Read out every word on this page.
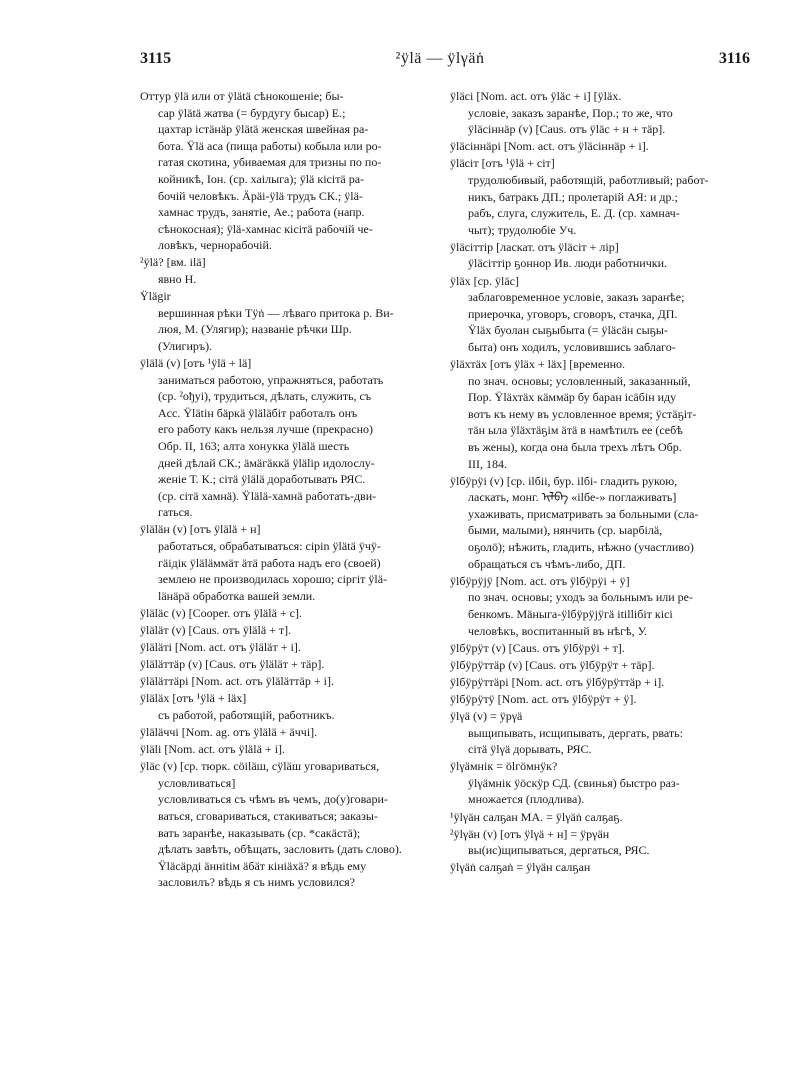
3115	²ÿlä — ÿlγäṅ	3116
Оттур ÿlä или от ÿlätä сѣнокошеніе; бы-
сар ÿlätä жатва (= бурдугу бысар) Е.;
цахтар істäнäр ÿlätä женская швейная ра-
бота. Ÿlä аса (пища работы) кобыла или ро-
гатая скотина, убиваемая для тризны по по-
койникѣ, Іон. (ср. хаілыга); ÿlä кісітä ра-
бочій человѣкъ. Äрäі-ÿlä трудъ СК.; ÿlä-
хамнас трудъ, занятіе, Ае.; работа (напр.
сѣнокосная); ÿlä-хамнас кісітä рабочій че-
ловѣкъ, чернорабочій.
²ÿlä? [вм. ilä]
явно Н.
Ÿlägir
вершинная рѣки Тÿṅ — лѣваго притока р. Ви-
люя, М. (Улягир); названіе рѣчки Шр.
(Улигиръ).
ÿlälä (v) [отъ ¹ÿlä + lä]
заниматься работою, упражняться, работать
(ср. ²ођуі), трудиться, дѣлать, служить, съ
Acc. Ÿlätін бäркä ÿläläбіт работалъ онъ
его работу какъ нельзя лучше (прекрасно)
Обр. II, 163; алта хонукка ÿlälä шесть
дней дѣлай СК.; äмäгäккä ÿläliр идолослу-
женіе Т. К.; сітä ÿlälä доработывать РЯС.
(ср. сітä хамнä). Ÿlälä-хамнä работать-дви-
гаться.
ÿläläн (v) [отъ ÿlälä + н]
работаться, обрабатываться: сіріn ÿlätä ÿчÿ-
гäідік ÿläläммäт äтä работа надъ его (своей)
землею не производилась хорошо; сіргіт ÿlä-
läнäрä обработка вашей земли.
ÿläläс (v) [Cooper. отъ ÿlälä + с].
ÿläläт (v) [Caus. отъ ÿlälä + т].
ÿläläті [Nom. act. отъ ÿläläт + і].
ÿläläттäр (v) [Caus. отъ ÿläläт + тäр].
ÿläläттäрі [Nom. act. отъ ÿläläттäр + і].
ÿläläх [отъ ¹ÿlä + läх]
съ работой, работящій, работникъ.
ÿläläччі [Nom. ag. отъ ÿlälä + äччі].
ÿläli [Nom. act. отъ ÿlälä + і].
ÿläс (v) [ср. тюрк. сöiläш, сÿläш уговариваться,
условливаться]
условливаться съ чѣмъ въ чемъ, до(у)говари-
ваться, сговариваться, стакиваться; заказы-
вать заранѣе, наказывать (ср. *сакäстä);
дѣлать завѣть, обѣщать, засловить (дать слово).
Ÿläсäрді äнніtім äбäт кініäхä? я вѣдь ему
засловилъ? вѣдь я съ нимъ условился?
ÿläсі [Nom. act. отъ ÿläс + і] [ÿläх.
условіе, заказъ заранѣе, Пор.; то же, что
ÿläсіннäр (v) [Caus. отъ ÿläс + н + тäр].
ÿläсіннäрі [Nom. act. отъ ÿläсіннäр + і].
ÿläсіт [отъ ¹ÿlä + сіт]
трудолюбивый, работящій, работливый; работ-
никъ, батракъ ДП.; пролетарій АЯ: и др.;
рабъ, слуга, служитель, Е. Д. (ср. хамнач-
чыт); трудолюбіе Уч.
ÿläсіттір [ласкат. отъ ÿläсіт + ліp]
ÿläсіттір ҕоннор Ив. люди работнички.
ÿläх [ср. ÿläс]
заблаговременное условіе, заказъ заранѣе;
приерочка, уговоръ, сговоръ, стачка, ДП.
Ÿläх буолан сыҕыбыта (= ÿläсäн сыҕы-
быта) онъ ходилъ, условившись заблаго-
ÿläхтäх [отъ ÿläх + läх] [временно.
по знач. основы; условленный, заказанный,
Пор. Ÿläхтäх кäммäр бу баран ісäбін иду
вотъ къ нему въ условленное время; ÿстäҕіт-
тäн ыла ÿläхтäҕім äтä в намѣтилъ ее (себѣ
въ жены), когда она была трехъ лѣтъ Обр.
III, 184.
ÿlбÿрÿі (v) [ср. ilбii, бур. ilбі- гладить рукою,
ласкать, монг. ᠢᠯᠪᠡ «ilбe-» поглаживать]
ухаживать, присматривать за больными (сла-
быми, малыми), нянчить (ср. ыарбiлä,
оҕолö); нѣжить, гладить, нѣжно (участливо)
обращаться съ чѣмъ-либо, ДП.
ÿlбÿрÿјÿ [Nom. act. отъ ÿlбÿрÿі + ÿ]
по знач. основы; уходъ за больнымъ или ре-
бенкомъ. Мäныга-ÿlбÿрÿјÿгä іtіllібіт кісі
человѣкъ, воспитанный въ нѣгѣ, У.
ÿlбÿрÿт (v) [Caus. отъ ÿlбÿрÿі + т].
ÿlбÿрÿттäр (v) [Caus. отъ ÿlбÿрÿт + тäр].
ÿlбÿрÿттäрі [Nom. act. отъ ÿlбÿрÿттäр + і].
ÿlбÿрÿтÿ [Nom. act. отъ ÿlбÿрÿт + ÿ].
ÿlγä (v) = ÿрγä
выщипывать, исщипывать, дергать, рвать:
сітä ÿlγä дорывать, РЯС.
ÿlγäмнік = ölгöмнÿк?
ÿlγäмнік ÿöскÿр СД. (свинья) быстро раз-
множается (плодлива).
¹ÿlγäн салҕан МА. = ÿlγäṅ салҕаҕ.
²ÿlγäн (v) [отъ ÿlγä + н] = ÿрγäн
вы(ис)щипываться, дергаться, РЯС.
ÿlγäṅ салҕаṅ = ÿlγäн салҕан
